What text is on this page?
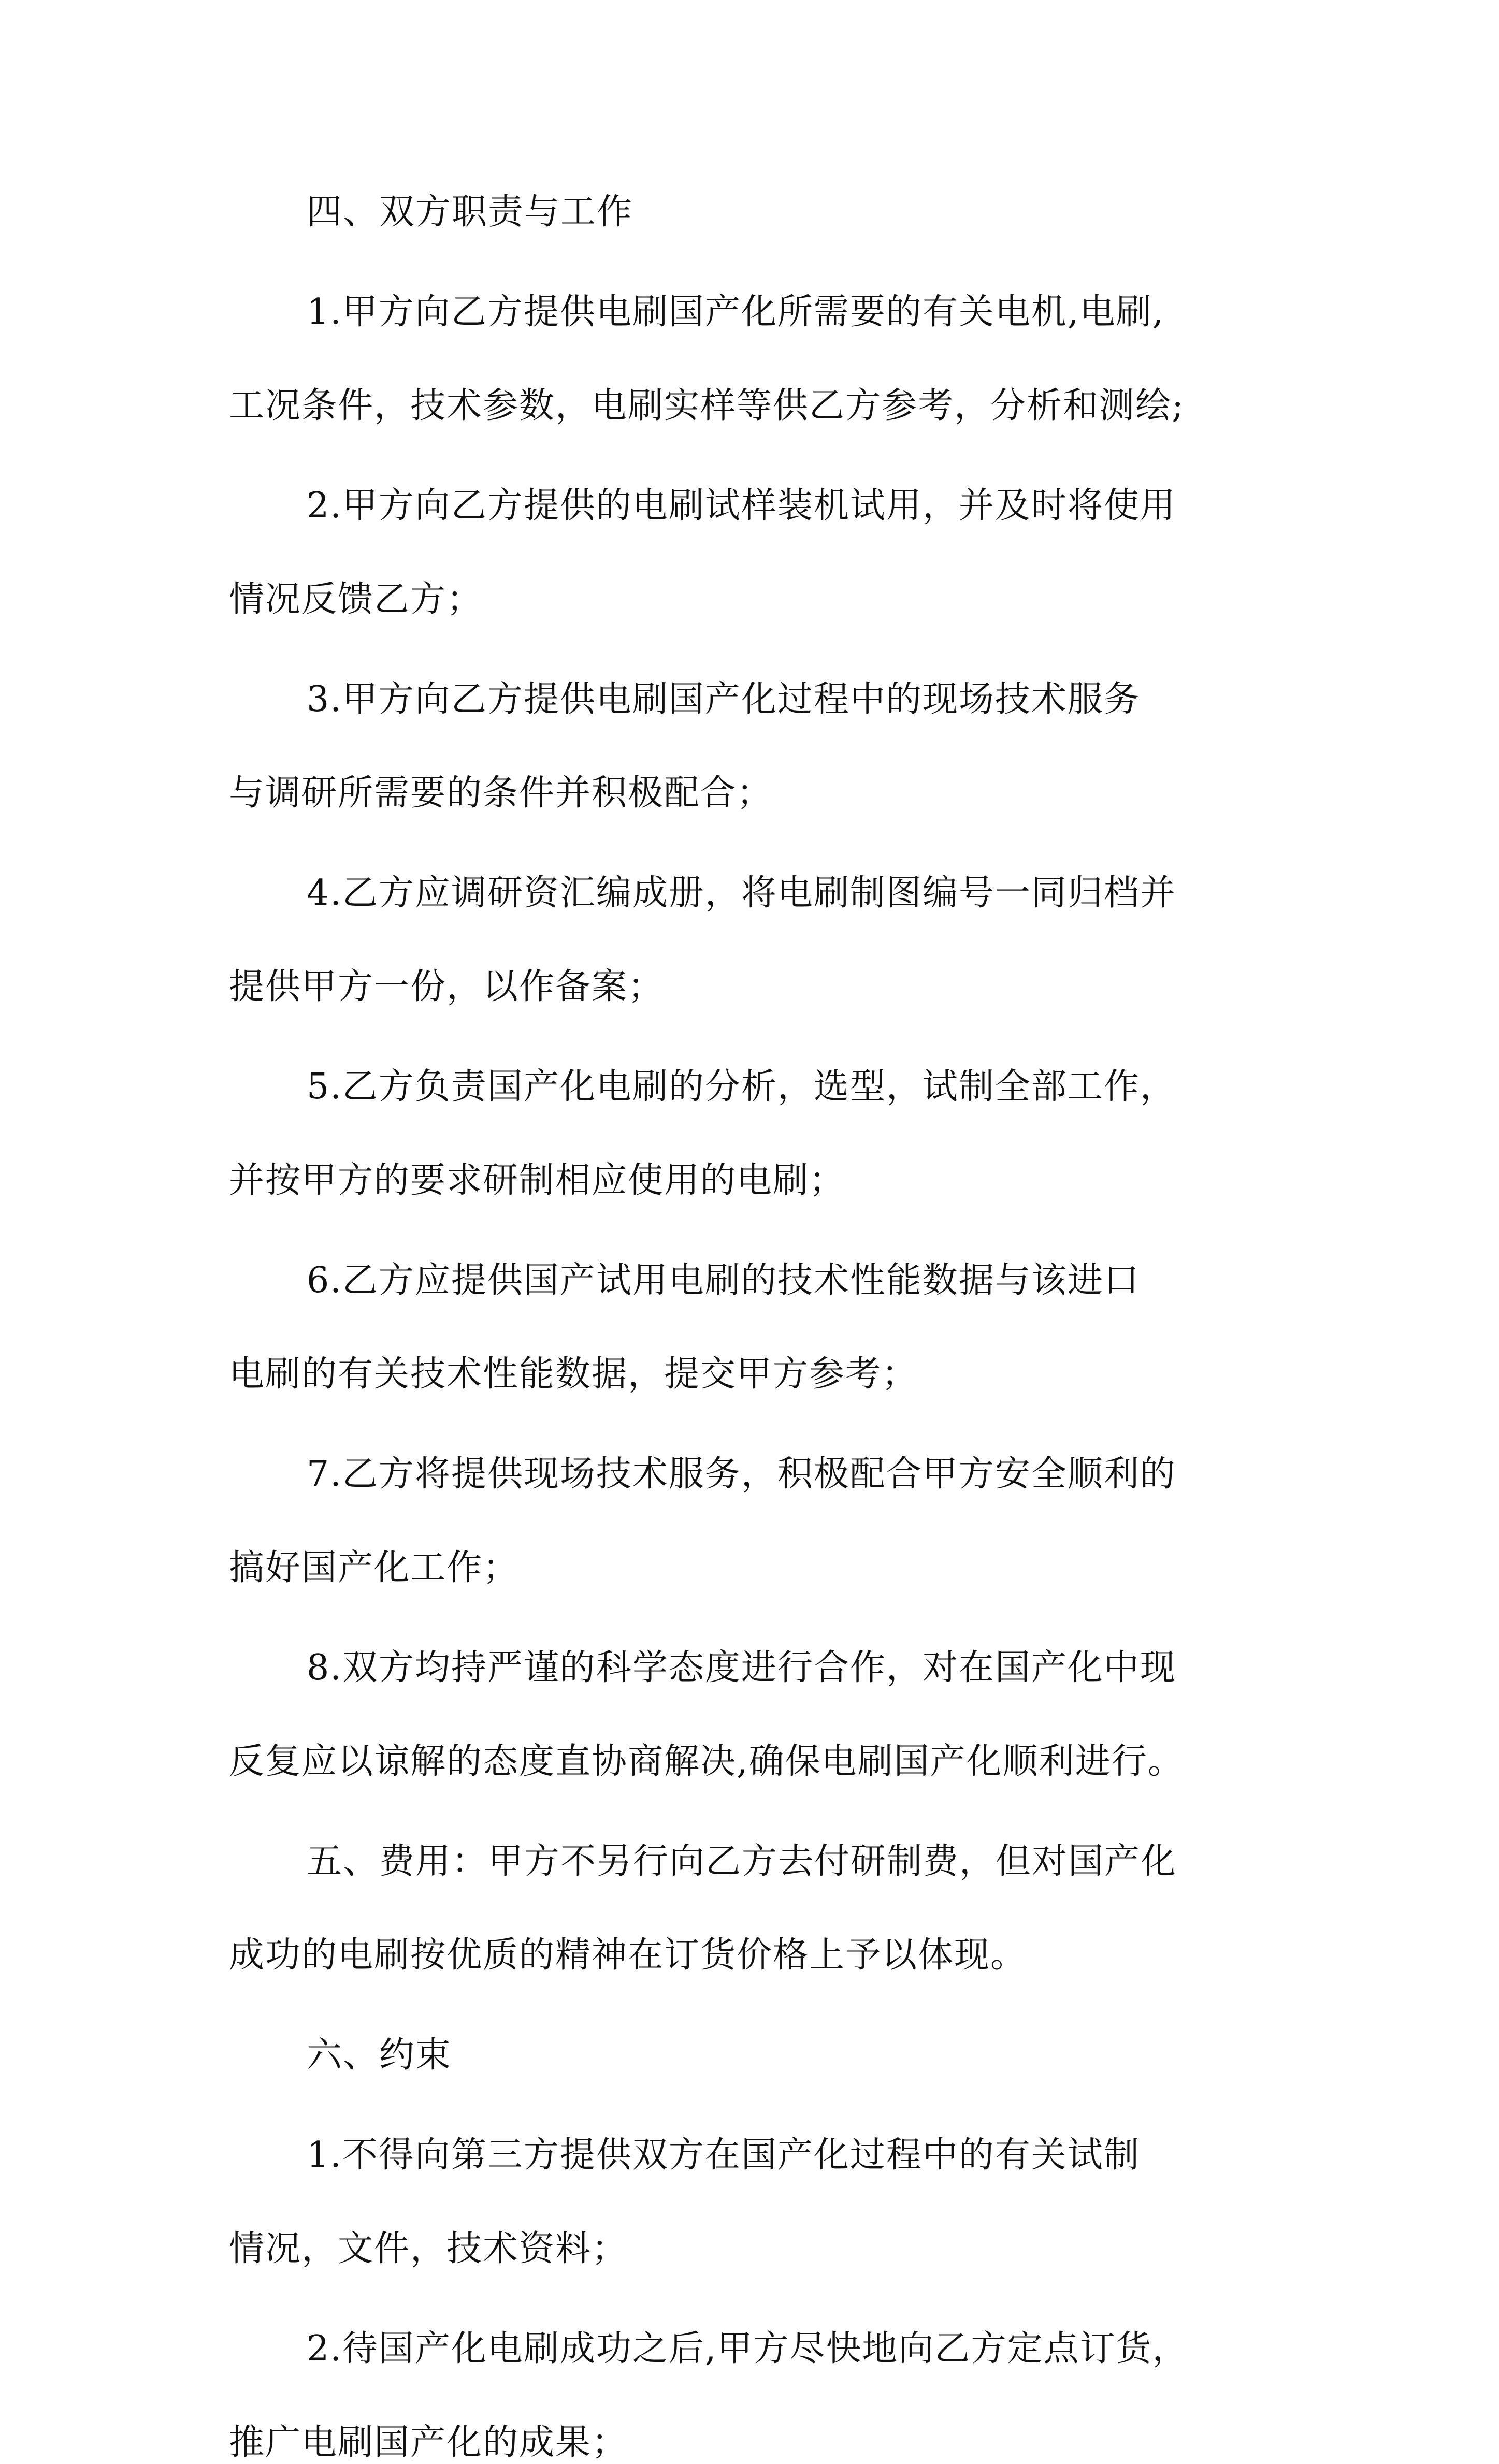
四、双方职责与工作

1.甲方向乙方提供电刷国产化所需要的有关电机,电刷,

工况条件，技术参数，电刷实样等供乙方参考，分析和测绘;

2.甲方向乙方提供的电刷试样装机试用，并及时将使用

情况反馈乙方；

3.甲方向乙方提供电刷国产化过程中的现场技术服务

与调研所需要的条件并积极配合；

4.乙方应调研资汇编成册，将电刷制图编号一同归档并

提供甲方一份，以作备案；

5.乙方负责国产化电刷的分析，选型，试制全部工作，

并按甲方的要求研制相应使用的电刷；

6.乙方应提供国产试用电刷的技术性能数据与该进口

电刷的有关技术性能数据，提交甲方参考；

7.乙方将提供现场技术服务，积极配合甲方安全顺利的

搞好国产化工作；

8.双方均持严谨的科学态度进行合作，对在国产化中现

反复应以谅解的态度直协商解决,确保电刷国产化顺利进行。

五、费用：甲方不另行向乙方去付研制费，但对国产化

成功的电刷按优质的精神在订货价格上予以体现。

六、约束

1.不得向第三方提供双方在国产化过程中的有关试制

情况，文件，技术资料；

2.待国产化电刷成功之后,甲方尽快地向乙方定点订货，

推广电刷国产化的成果；
